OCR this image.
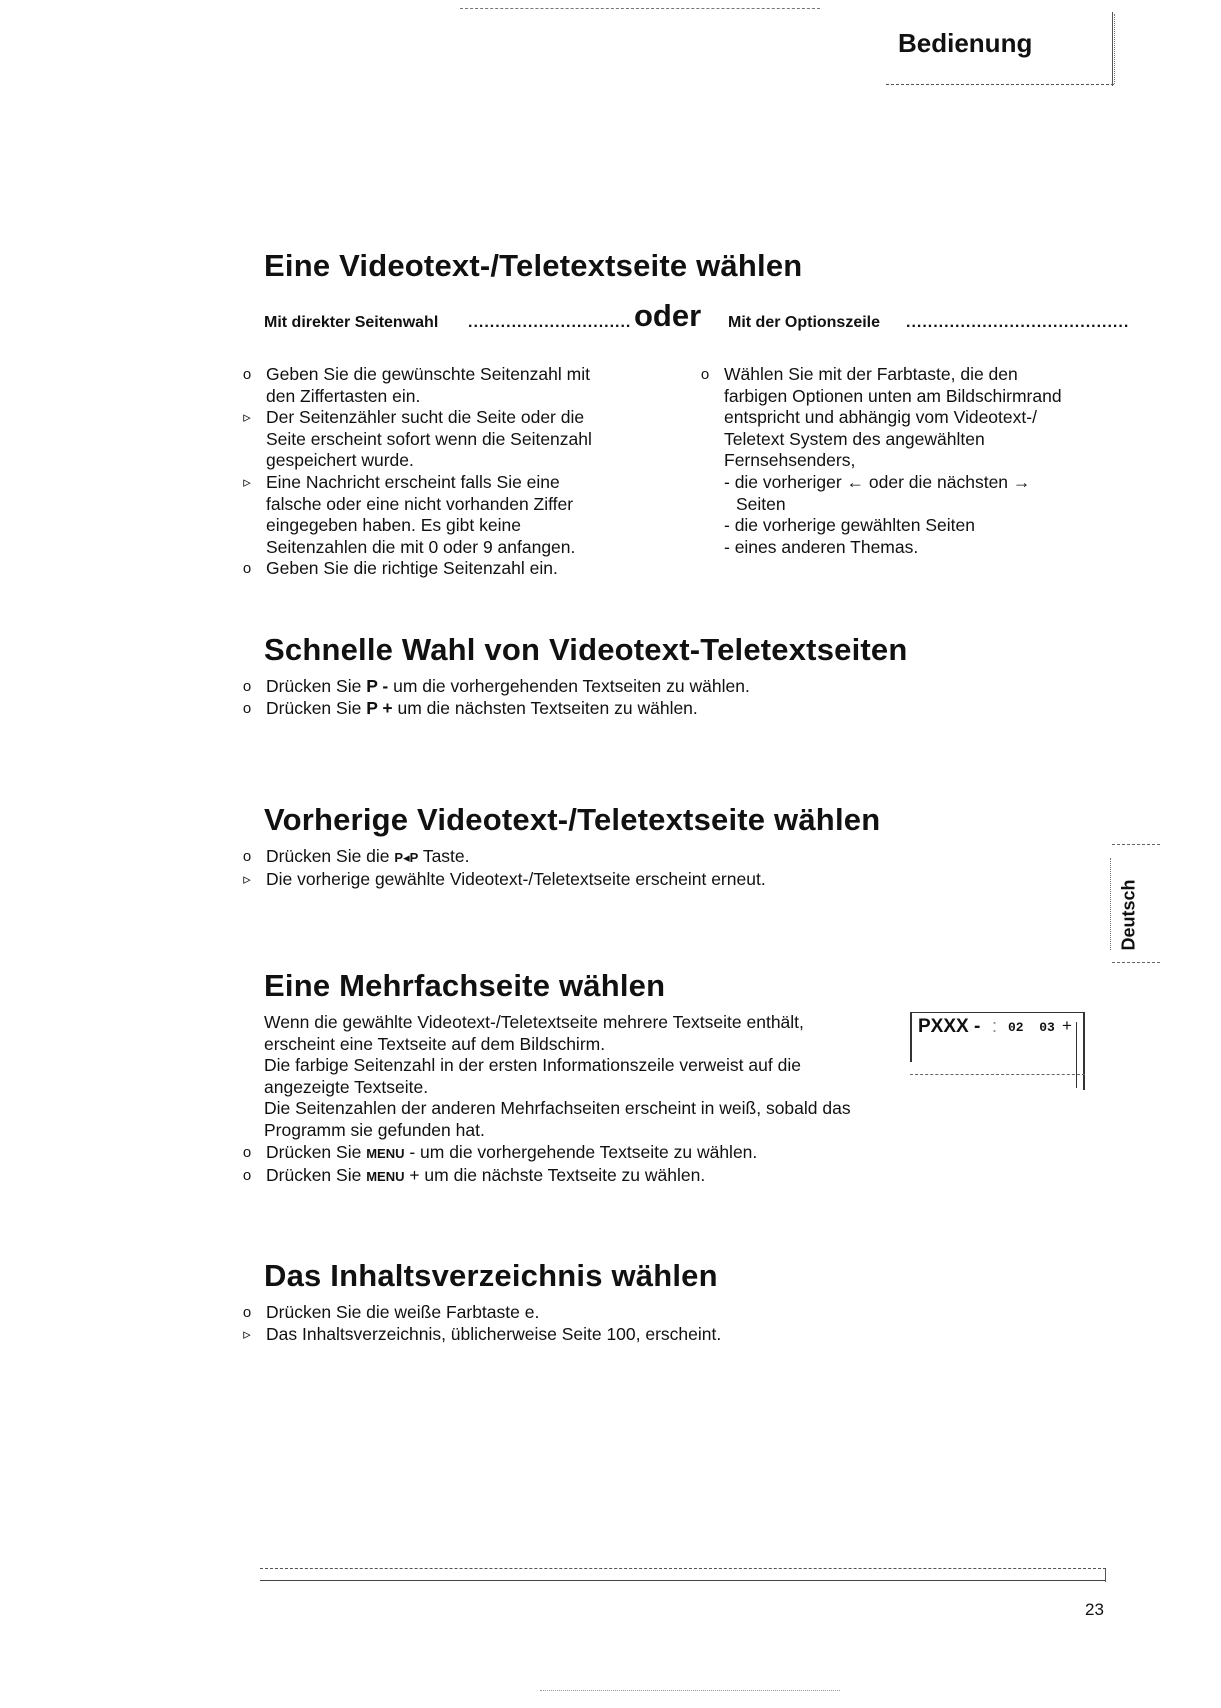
Bedienung
Eine Videotext-/Teletextseite wählen
Mit direkter Seitenwahl .............................. oder Mit der Optionszeile .........................................
o Geben Sie die gewünschte Seitenzahl mit
den Ziffertasten ein.
▹ Der Seitenzähler sucht die Seite oder die
Seite erscheint sofort wenn die Seitenzahl
gespeichert wurde.
▹ Eine Nachricht erscheint falls Sie eine
falsche oder eine nicht vorhanden Ziffer
eingegeben haben. Es gibt keine
Seitenzahlen die mit 0 oder 9 anfangen.
o Geben Sie die richtige Seitenzahl ein.
o Wählen Sie mit der Farbtaste, die den
farbigen Optionen unten am Bildschirmrand
entspricht und abhängig vom Videotext-/
Teletext System des angewählten
Fernsehsenders,
- die vorheriger ← oder die nächsten →
Seiten
- die vorherige gewählten Seiten
- eines anderen Themas.
Schnelle Wahl von Videotext-Teletextseiten
o Drücken Sie P - um die vorhergehenden Textseiten zu wählen.
o Drücken Sie P + um die nächsten Textseiten zu wählen.
Vorherige Videotext-/Teletextseite wählen
o Drücken Sie die P◂P Taste.
▹ Die vorherige gewählte Videotext-/Teletextseite erscheint erneut.
Deutsch
Eine Mehrfachseite wählen
Wenn die gewählte Videotext-/Teletextseite mehrere Textseite enthält,
erscheint eine Textseite auf dem Bildschirm.
Die farbige Seitenzahl in der ersten Informationszeile verweist auf die
angezeigte Textseite.
Die Seitenzahlen der anderen Mehrfachseiten erscheint in weiß, sobald das
Programm sie gefunden hat.
o Drücken Sie MENU - um die vorhergehende Textseite zu wählen.
o Drücken Sie MENU + um die nächste Textseite zu wählen.
PXXX - : 02  03 +
Das Inhaltsverzeichnis wählen
o Drücken Sie die weiße Farbtaste e.
▹ Das Inhaltsverzeichnis, üblicherweise Seite 100, erscheint.
23
